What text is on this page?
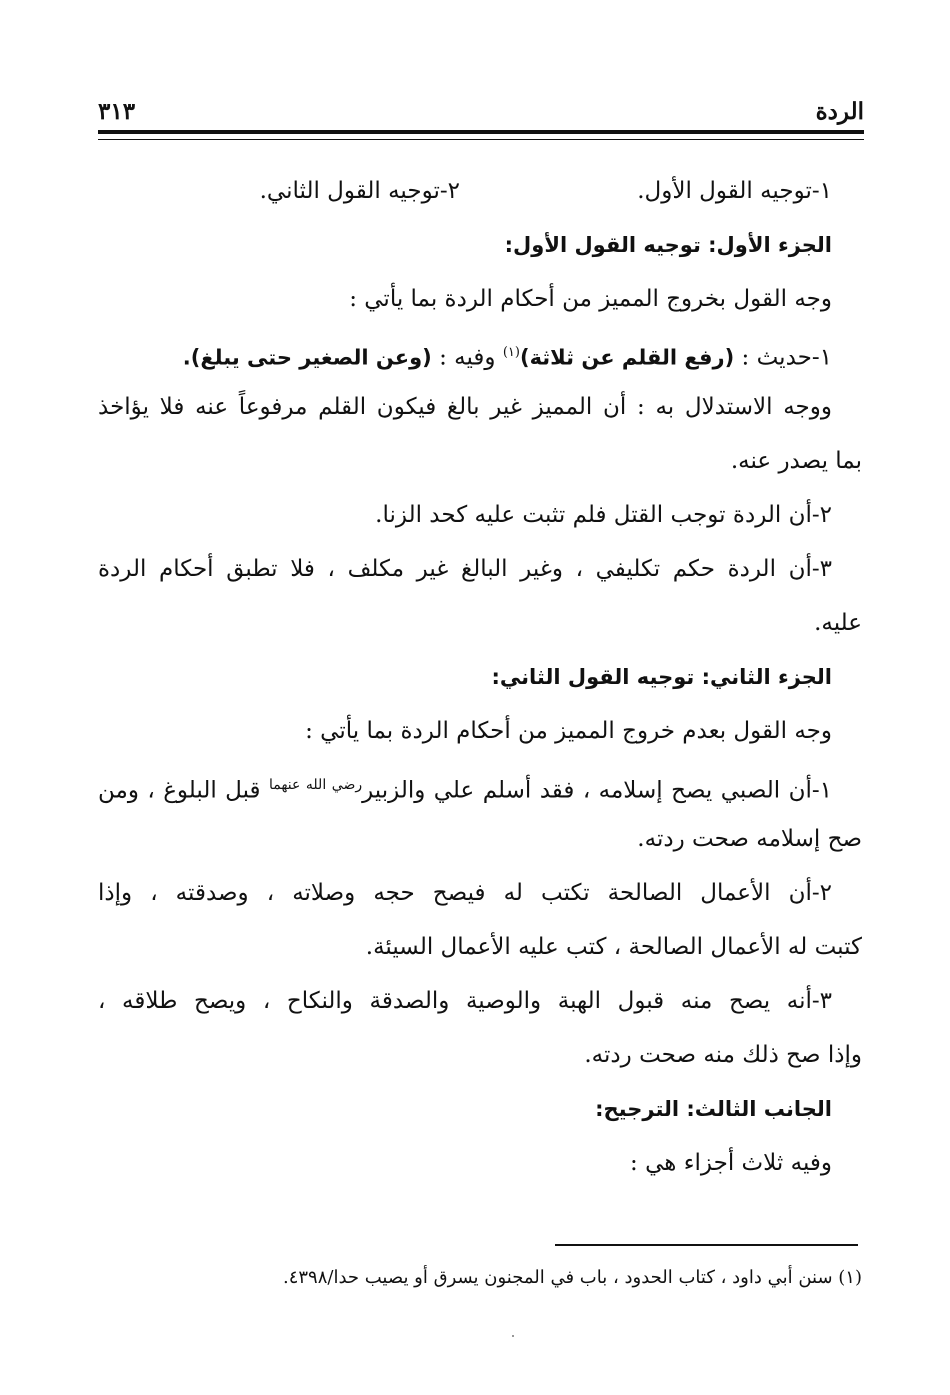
الردة
٣١٣
١-توجيه القول الأول.
٢-توجيه القول الثاني.
الجزء الأول: توجيه القول الأول:
وجه القول بخروج المميز من أحكام الردة بما يأتي :
١-حديث : (رفع القلم عن ثلاثة)$^{(١)}$ وفيه : (وعن الصغير حتى يبلغ).
ووجه الاستدلال به : أن المميز غير بالغ فيكون القلم مرفوعاً عنه فلا يؤاخذ
بما يصدر عنه.
٢-أن الردة توجب القتل فلم تثبت عليه كحد الزنا.
٣-أن الردة حكم تكليفي ، وغير البالغ غير مكلف ، فلا تطبق أحكام الردة
عليه.
الجزء الثاني: توجيه القول الثاني:
وجه القول بعدم خروج المميز من أحكام الردة بما يأتي :
١-أن الصبي يصح إسلامه ، فقد أسلم علي والزبير$^{رضي الله عنهما}$ قبل البلوغ ، ومن
صح إسلامه صحت ردته.
٢-أن الأعمال الصالحة تكتب له فيصح حجه وصلاته ، وصدقته ، وإذا
كتبت له الأعمال الصالحة ، كتب عليه الأعمال السيئة.
٣-أنه يصح منه قبول الهبة والوصية والصدقة والنكاح ، ويصح طلاقه ،
وإذا صح ذلك منه صحت ردته.
الجانب الثالث: الترجيح:
وفيه ثلاث أجزاء هي :
(١) سنن أبي داود ، كتاب الحدود ، باب في المجنون يسرق أو يصيب حدا/٤٣٩٨.
